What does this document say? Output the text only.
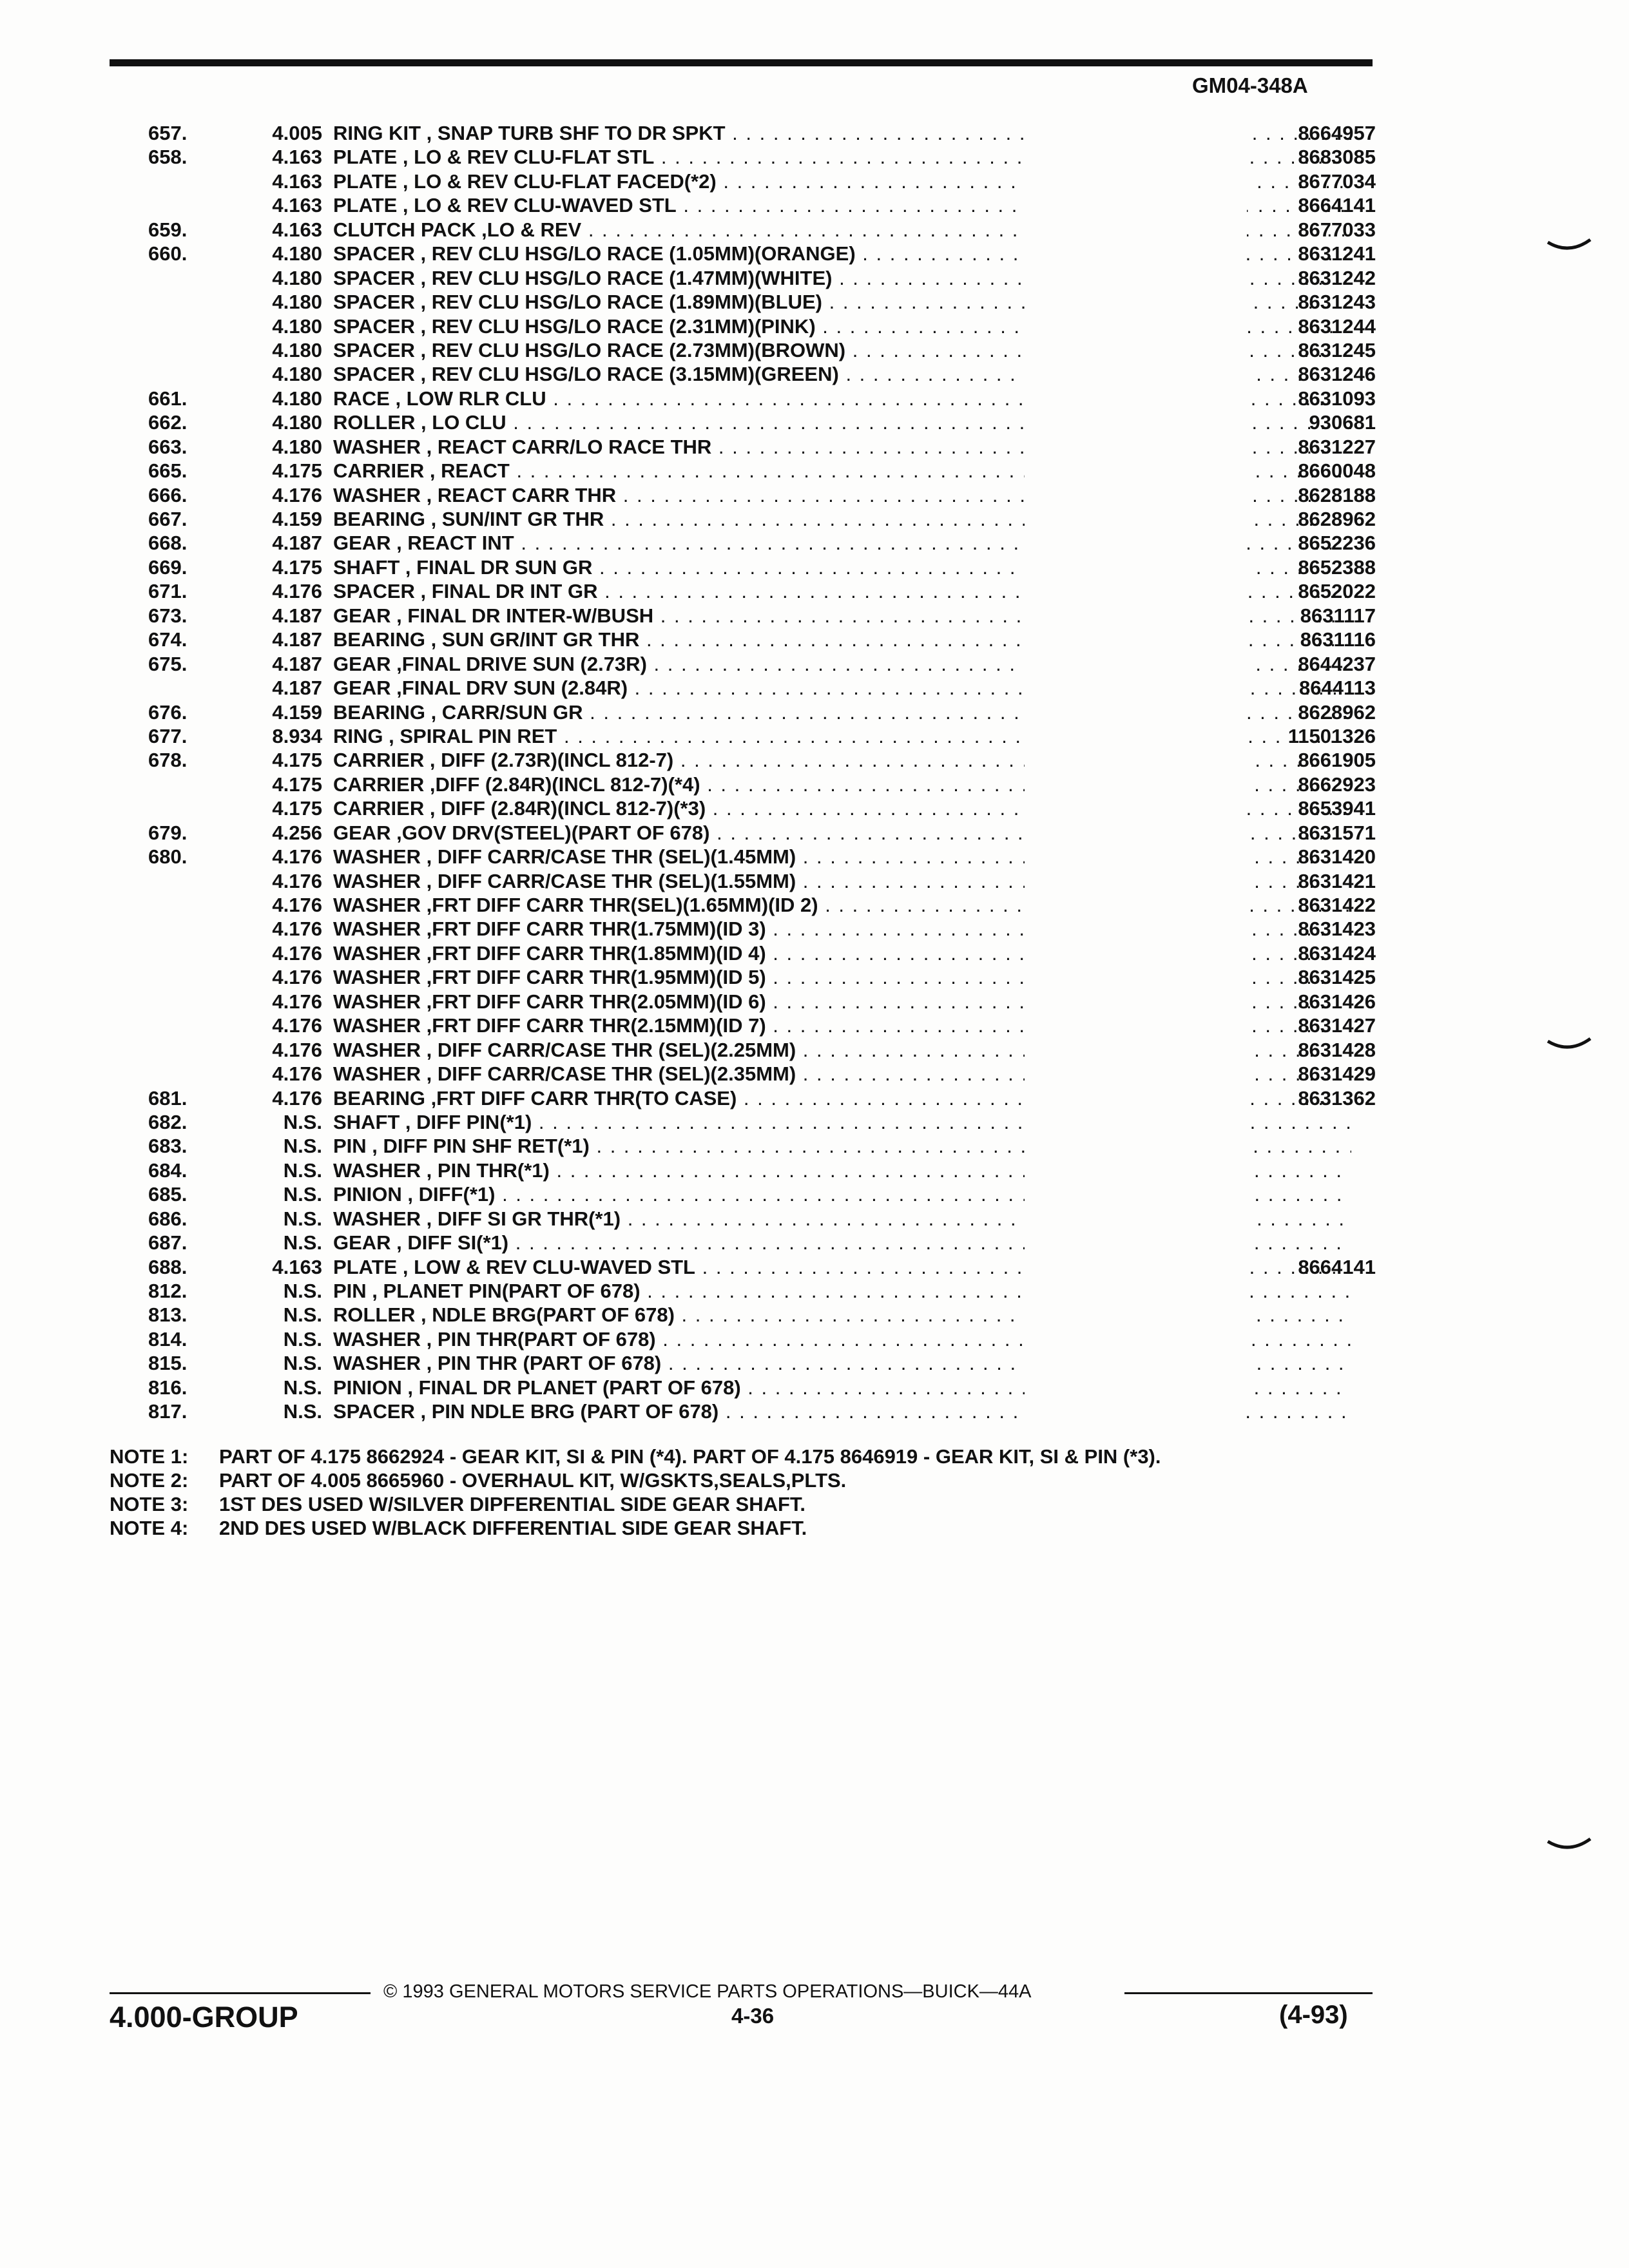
GM04-348A
657.	4.005 RING KIT , SNAP TURB SHF TO DR SPKT . . .	8664957
658.	4.163 PLATE , LO & REV CLU-FLAT STL . . .	8683085
4.163 PLATE , LO & REV CLU-FLAT FACED(*2) . . .	8677034
4.163 PLATE , LO & REV CLU-WAVED STL . . .	8664141
659.	4.163 CLUTCH PACK ,LO & REV . . .	8677033
660.	4.180 SPACER , REV CLU HSG/LO RACE (1.05MM)(ORANGE) . . .	8631241
4.180 SPACER , REV CLU HSG/LO RACE (1.47MM)(WHITE) . . .	8631242
4.180 SPACER , REV CLU HSG/LO RACE (1.89MM)(BLUE) . . .	8631243
4.180 SPACER , REV CLU HSG/LO RACE (2.31MM)(PINK) . . .	8631244
4.180 SPACER , REV CLU HSG/LO RACE (2.73MM)(BROWN) . . .	8631245
4.180 SPACER , REV CLU HSG/LO RACE (3.15MM)(GREEN) . . .	8631246
661.	4.180 RACE , LOW RLR CLU . . .	8631093
662.	4.180 ROLLER , LO CLU . . .	930681
663.	4.180 WASHER , REACT CARR/LO RACE THR . . .	8631227
665.	4.175 CARRIER , REACT . . .	8660048
666.	4.176 WASHER , REACT CARR THR . . .	8628188
667.	4.159 BEARING , SUN/INT GR THR . . .	8628962
668.	4.187 GEAR , REACT INT . . .	8652236
669.	4.175 SHAFT , FINAL DR SUN GR . . .	8652388
671.	4.176 SPACER , FINAL DR INT GR . . .	8652022
673.	4.187 GEAR , FINAL DR INTER-W/BUSH . . .	8631117
674.	4.187 BEARING , SUN GR/INT GR THR . . .	8631116
675.	4.187 GEAR ,FINAL DRIVE SUN (2.73R) . . .	8644237
4.187 GEAR ,FINAL DRV SUN (2.84R) . . .	8644113
676.	4.159 BEARING , CARR/SUN GR . . .	8628962
677.	8.934 RING , SPIRAL PIN RET . . .	11501326
678.	4.175 CARRIER , DIFF (2.73R)(INCL 812-7) . . .	8661905
4.175 CARRIER ,DIFF (2.84R)(INCL 812-7)(*4) . . .	8662923
4.175 CARRIER , DIFF (2.84R)(INCL 812-7)(*3) . . .	8653941
679.	4.256 GEAR ,GOV DRV(STEEL)(PART OF 678) . . .	8631571
680.	4.176 WASHER , DIFF CARR/CASE THR (SEL)(1.45MM) . . .	8631420
4.176 WASHER , DIFF CARR/CASE THR (SEL)(1.55MM) . . .	8631421
4.176 WASHER ,FRT DIFF CARR THR(SEL)(1.65MM)(ID 2) . . .	8631422
4.176 WASHER ,FRT DIFF CARR THR(1.75MM)(ID 3) . . .	8631423
4.176 WASHER ,FRT DIFF CARR THR(1.85MM)(ID 4) . . .	8631424
4.176 WASHER ,FRT DIFF CARR THR(1.95MM)(ID 5) . . .	8631425
4.176 WASHER ,FRT DIFF CARR THR(2.05MM)(ID 6) . . .	8631426
4.176 WASHER ,FRT DIFF CARR THR(2.15MM)(ID 7) . . .	8631427
4.176 WASHER , DIFF CARR/CASE THR (SEL)(2.25MM) . . .	8631428
4.176 WASHER , DIFF CARR/CASE THR (SEL)(2.35MM) . . .	8631429
681.	4.176 BEARING ,FRT DIFF CARR THR(TO CASE) . . .	8631362
682.	N.S. SHAFT , DIFF PIN(*1) . . .
683.	N.S. PIN , DIFF PIN SHF RET(*1) . . .
684.	N.S. WASHER , PIN THR(*1) . . .
685.	N.S. PINION , DIFF(*1) . . .
686.	N.S. WASHER , DIFF SI GR THR(*1) . . .
687.	N.S. GEAR , DIFF SI(*1) . . .
688.	4.163 PLATE , LOW & REV CLU-WAVED STL . . .	8664141
812.	N.S. PIN , PLANET PIN(PART OF 678) . . .
813.	N.S. ROLLER , NDLE BRG(PART OF 678) . . .
814.	N.S. WASHER , PIN THR(PART OF 678) . . .
815.	N.S. WASHER , PIN THR (PART OF 678) . . .
816.	N.S. PINION , FINAL DR PLANET (PART OF 678) . . .
817.	N.S. SPACER , PIN NDLE BRG (PART OF 678) . . .
NOTE 1: PART OF 4.175 8662924 - GEAR KIT, SI & PIN (*4). PART OF 4.175 8646919 - GEAR KIT, SI & PIN (*3).
NOTE 2: PART OF 4.005 8665960 - OVERHAUL KIT, W/GSKTS,SEALS,PLTS.
NOTE 3: 1ST DES USED W/SILVER DIPFERENTIAL SIDE GEAR SHAFT.
NOTE 4: 2ND DES USED W/BLACK DIFFERENTIAL SIDE GEAR SHAFT.
© 1993 GENERAL MOTORS SERVICE PARTS OPERATIONS—BUICK—44A
4.000-GROUP	4-36	(4-93)
